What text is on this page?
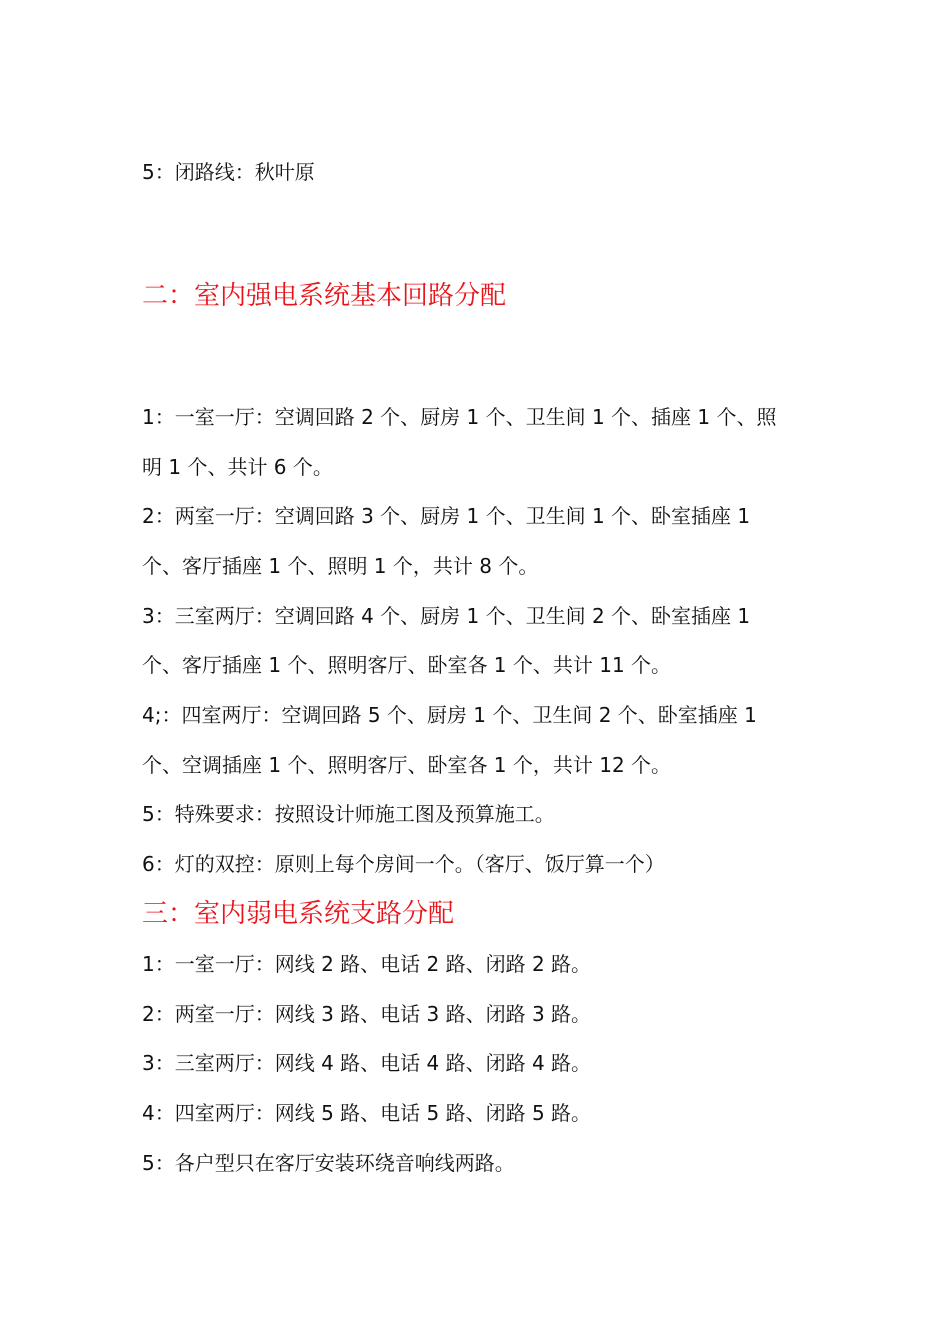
5：闭路线：秋叶原
二：室内强电系统基本回路分配
1：一室一厅：空调回路 2 个、厨房 1 个、卫生间 1 个、插座 1 个、照
明 1 个、共计 6 个。
2：两室一厅：空调回路 3 个、厨房 1 个、卫生间 1 个、卧室插座 1
个、客厅插座 1 个、照明 1 个，共计 8 个。
3：三室两厅：空调回路 4 个、厨房 1 个、卫生间 2 个、卧室插座 1
个、客厅插座 1 个、照明客厅、卧室各 1 个、共计 11 个。
4;：四室两厅：空调回路 5 个、厨房 1 个、卫生间 2 个、卧室插座 1
个、空调插座 1 个、照明客厅、卧室各 1 个，共计 12 个。
5：特殊要求：按照设计师施工图及预算施工。
6：灯的双控：原则上每个房间一个。（客厅、饭厅算一个）
三：室内弱电系统支路分配
1：一室一厅：网线 2 路、电话 2 路、闭路 2 路。
2：两室一厅：网线 3 路、电话 3 路、闭路 3 路。
3：三室两厅：网线 4 路、电话 4 路、闭路 4 路。
4：四室两厅：网线 5 路、电话 5 路、闭路 5 路。
5：各户型只在客厅安装环绕音响线两路。
